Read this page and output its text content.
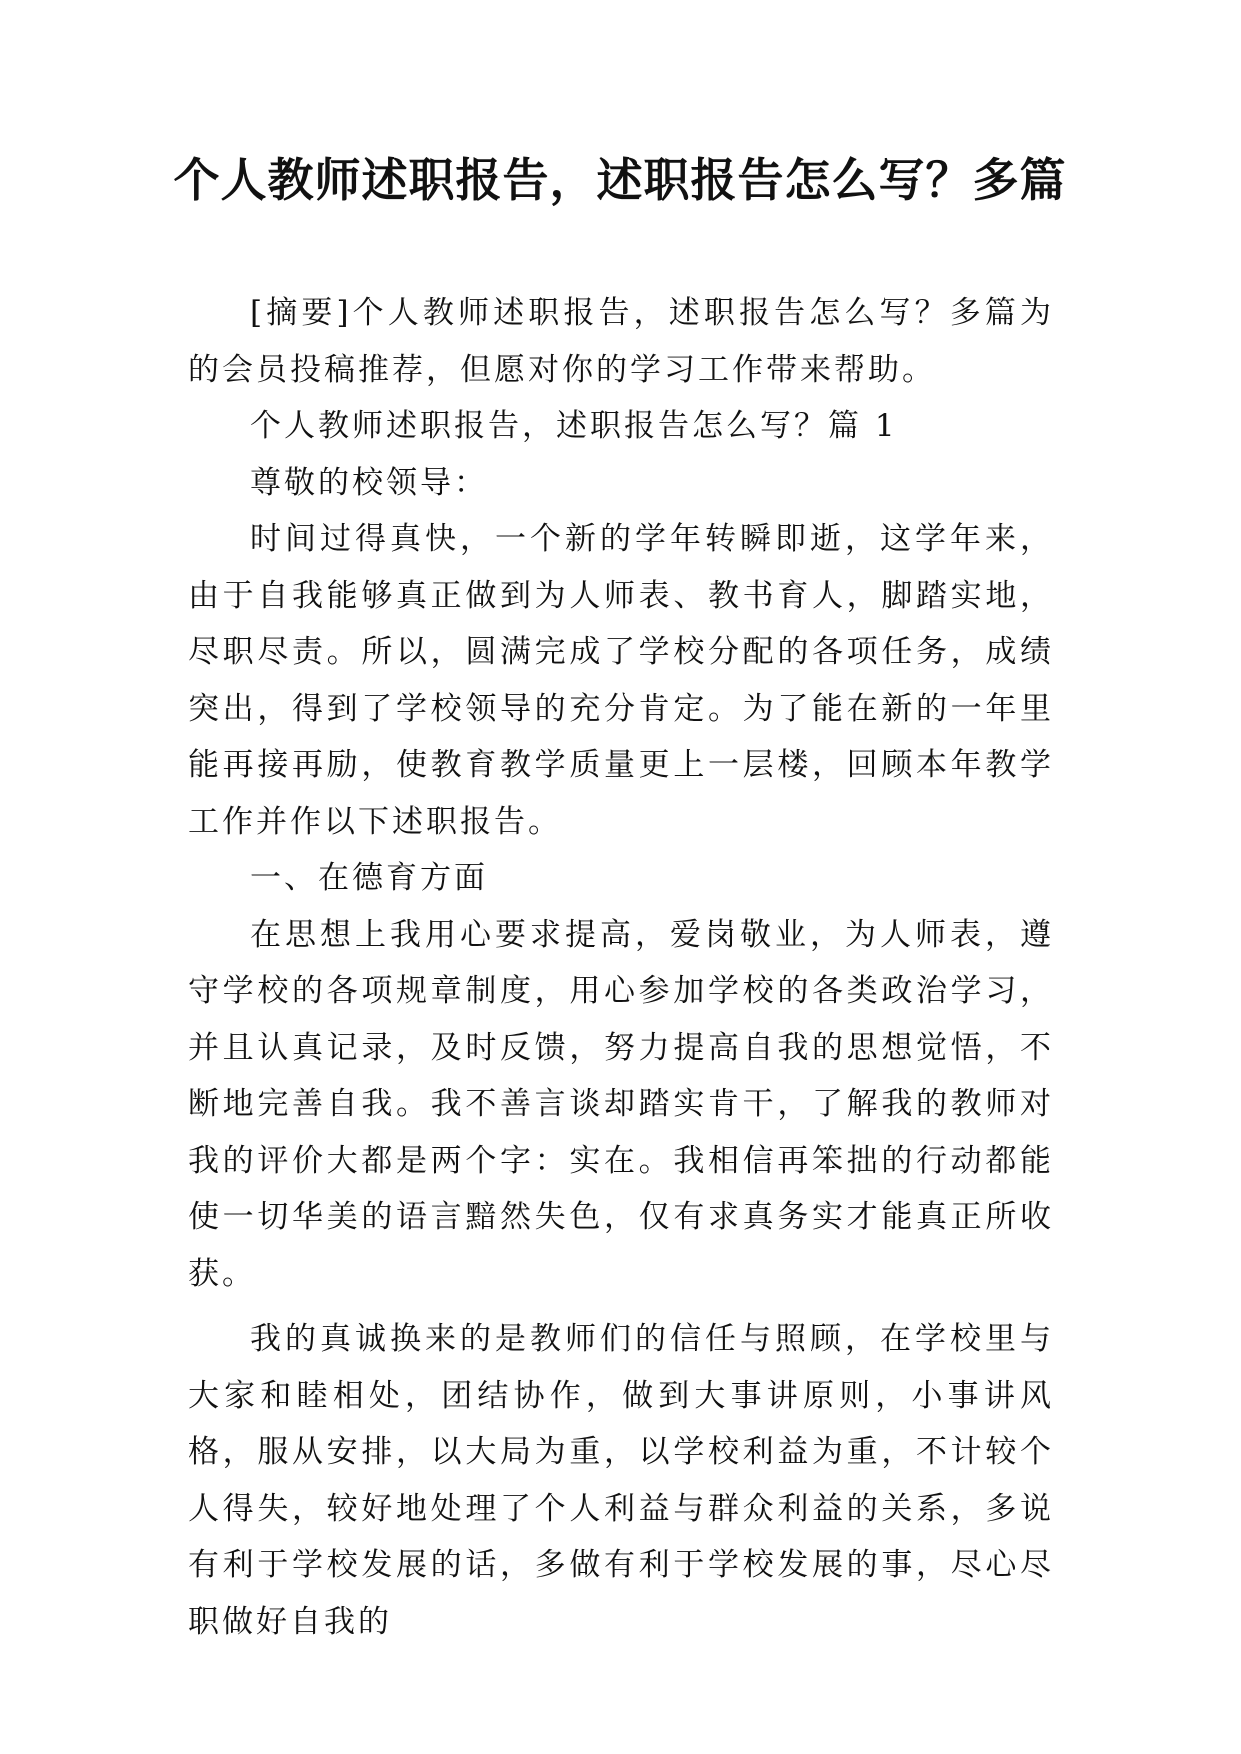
个人教师述职报告，述职报告怎么写？多篇

[摘要]个人教师述职报告，述职报告怎么写？多篇为的会员投稿推荐，但愿对你的学习工作带来帮助。

个人教师述职报告，述职报告怎么写？篇 1

尊敬的校领导：

时间过得真快，一个新的学年转瞬即逝，这学年来，由于自我能够真正做到为人师表、教书育人，脚踏实地，尽职尽责。所以，圆满完成了学校分配的各项任务，成绩突出，得到了学校领导的充分肯定。为了能在新的一年里能再接再励，使教育教学质量更上一层楼，回顾本年教学工作并作以下述职报告。

一、在德育方面

在思想上我用心要求提高，爱岗敬业，为人师表，遵守学校的各项规章制度，用心参加学校的各类政治学习，并且认真记录，及时反馈，努力提高自我的思想觉悟，不断地完善自我。我不善言谈却踏实肯干，了解我的教师对我的评价大都是两个字：实在。我相信再笨拙的行动都能使一切华美的语言黯然失色，仅有求真务实才能真正所收获。

我的真诚换来的是教师们的信任与照顾，在学校里与大家和睦相处，团结协作，做到大事讲原则，小事讲风格，服从安排，以大局为重，以学校利益为重，不计较个人得失，较好地处理了个人利益与群众利益的关系，多说有利于学校发展的话，多做有利于学校发展的事，尽心尽职做好自我的
